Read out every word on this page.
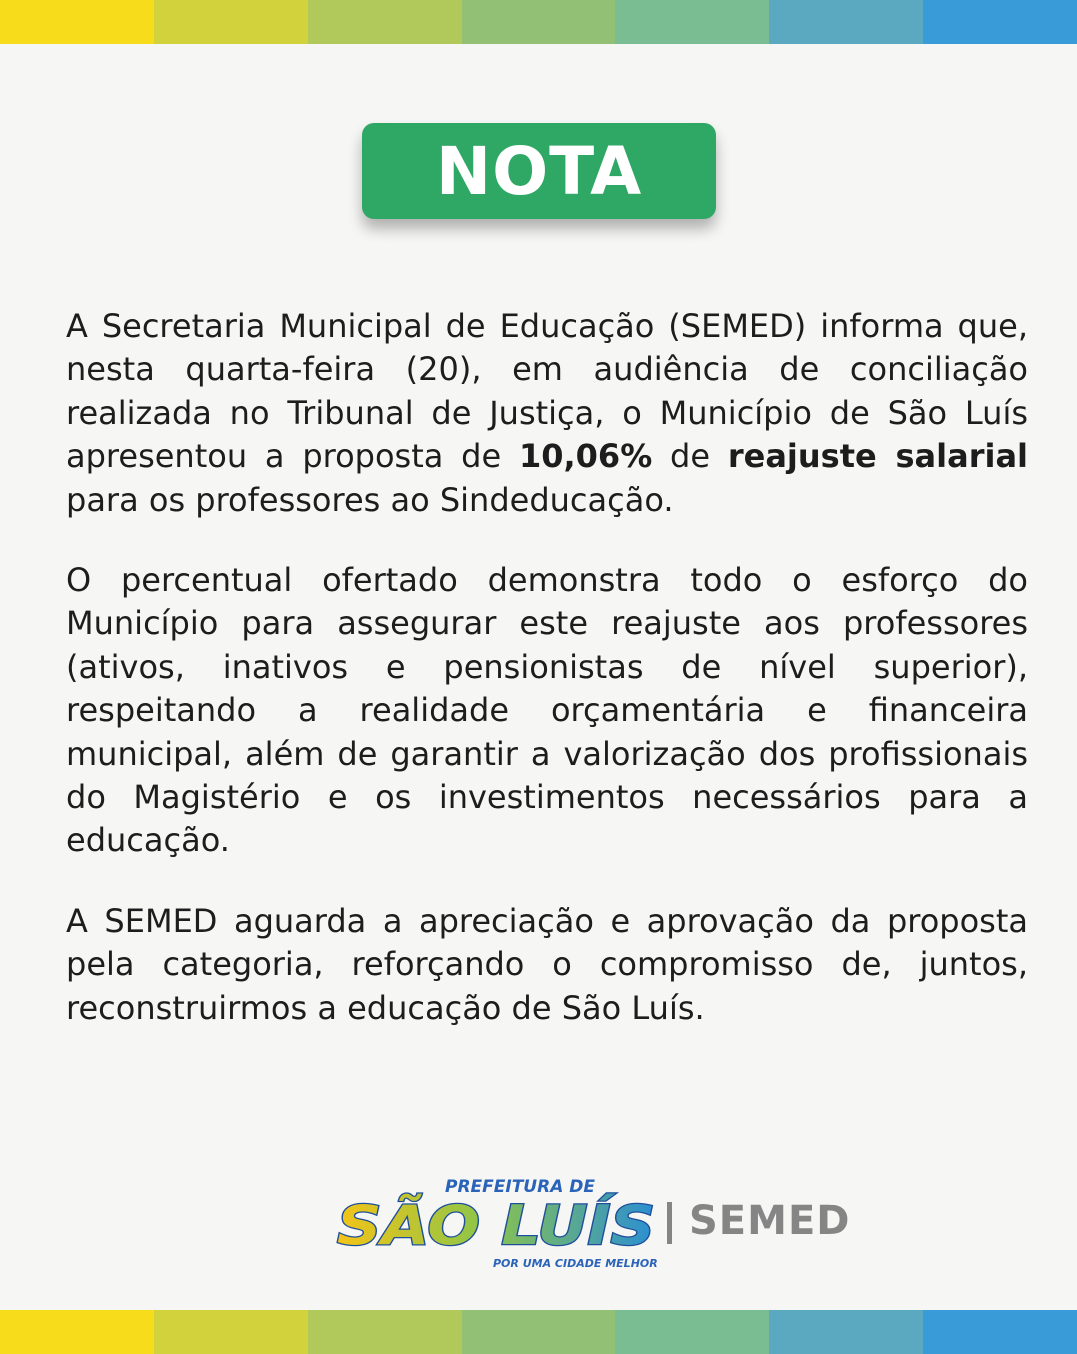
NOTA

A Secretaria Municipal de Educação (SEMED) informa que, nesta quarta-feira (20), em audiência de conciliação realizada no Tribunal de Justiça, o Município de São Luís apresentou a proposta de 10,06% de reajuste salarial para os professores ao Sindeducação.

O percentual ofertado demonstra todo o esforço do Município para assegurar este reajuste aos professores (ativos, inativos e pensionistas de nível superior), respeitando a realidade orçamentária e financeira municipal, além de garantir a valorização dos profissionais do Magistério e os investimentos necessários para a educação.

A SEMED aguarda a apreciação e aprovação da proposta pela categoria, reforçando o compromisso de, juntos, reconstruirmos a educação de São Luís.

PREFEITURA DE
SÃO LUÍS
POR UMA CIDADE MELHOR
SEMED
